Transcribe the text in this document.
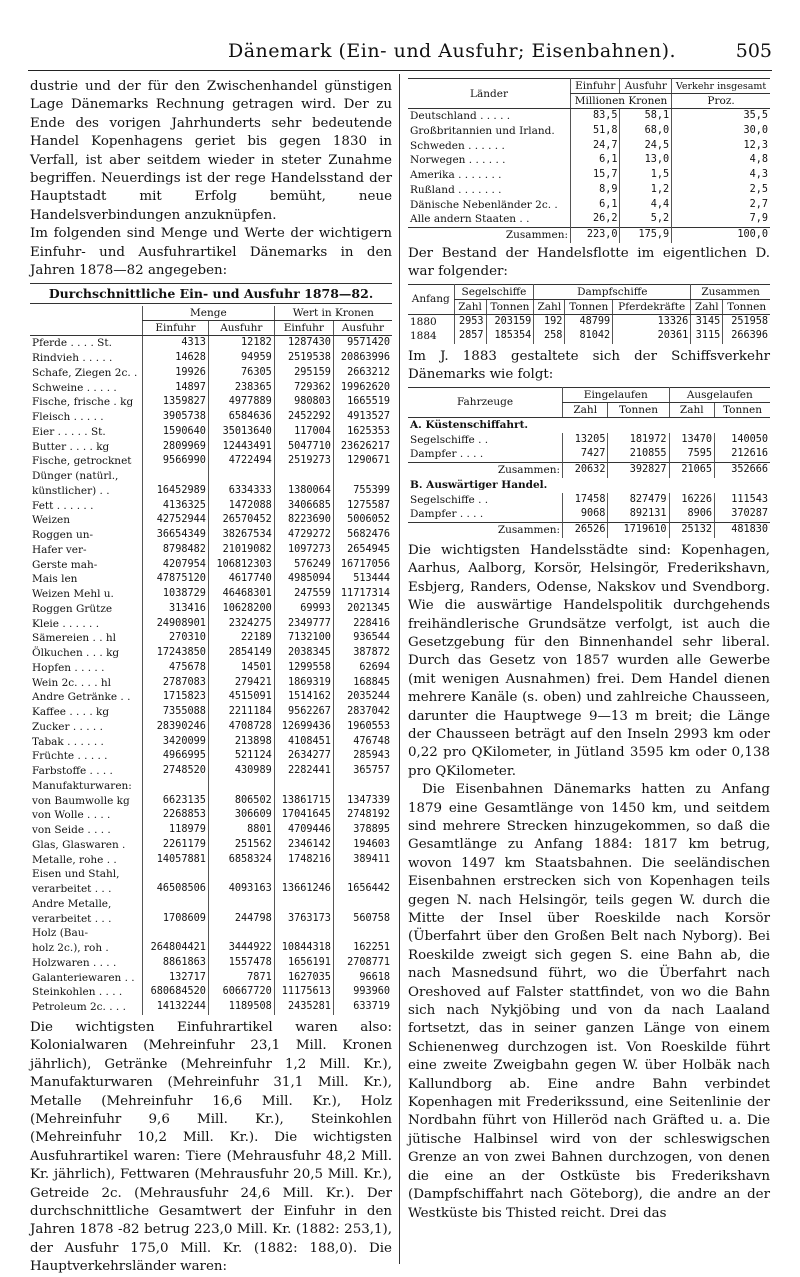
Dänemark (Ein- und Ausfuhr; Eisenbahnen).	505

dustrie und der für den Zwischenhandel günstigen Lage Dänemarks Rechnung getragen wird. Der zu Ende des vorigen Jahrhunderts sehr bedeutende Handel Kopenhagens geriet bis gegen 1830 in Verfall, ist aber seitdem wieder in steter Zunahme begriffen. Neuerdings ist der rege Handelsstand der Hauptstadt mit Erfolg bemüht, neue Handelsverbindungen anzuknüpfen.

Im folgenden sind Menge und Werte der wichtigern Einfuhr- und Ausfuhrartikel Dänemarks in den Jahren 1878—82 angegeben:

Durchschnittliche Ein- und Ausfuhr 1878—82.
	Menge		Wert in Kronen	
	Einfuhr	Ausfuhr	Einfuhr	Ausfuhr
Pferde . . . . St.	4313	12182	1287430	9571420
Rindvieh . . . . .	14628	94959	2519538	20863996
Schafe, Ziegen 2c. .	19926	76305	295159	2663212
Schweine . . . . .	14897	238365	729362	19962620
Fische, frische . kg	1359827	4977889	980803	1665519
Fleisch . . . . .	3905738	6584636	2452292	4913527
Eier . . . . . St.	1590640	35013640	117004	1625353
Butter . . . . kg	2809969	12443491	5047710	23626217
Fische, getrocknet	9566990	4722494	2519273	1290671
Dünger (natürl.,				
künstlicher) . .	16452989	6334333	1380064	755399
Fett . . . . . .	4136325	1472088	3406685	1275587
Weizen	42752944	26570452	8223690	5006052
Roggen un-	36654349	38267534	4729272	5682476
Hafer ver-	8798482	21019082	1097273	2654945
Gerste mah-	4207954	106812303	576249	16717056
Mais len	47875120	4617740	4985094	513444
Weizen Mehl u.	1038729	46468301	247559	11717314
Roggen Grütze	313416	10628200	69993	2021345
Kleie . . . . . .	24908901	2324275	2349777	228416
Sämereien . . hl	270310	22189	7132100	936544
Ölkuchen . . . kg	17243850	2854149	2038345	387872
Hopfen . . . . .	475678	14501	1299558	62694
Wein 2c. . . . hl	2787083	279421	1869319	168845
Andre Getränke . .	1715823	4515091	1514162	2035244
Kaffee . . . . kg	7355088	2211184	9562267	2837042
Zucker . . . . .	28390246	4708728	12699436	1960553
Tabak . . . . . .	3420099	213898	4108451	476748
Früchte . . . . .	4966995	521124	2634277	285943
Farbstoffe . . . .	2748520	430989	2282441	365757
Manufakturwaren:				
von Baumwolle kg	6623135	806502	13861715	1347339
von Wolle . . . .	2268853	306609	17041645	2748192
von Seide . . . .	118979	8801	4709446	378895
Glas, Glaswaren .	2261179	251562	2346142	194603
Metalle, rohe . .	14057881	6858324	1748216	389411
Eisen und Stahl,				
verarbeitet . . .	46508506	4093163	13661246	1656442
Andre Metalle,				
verarbeitet . . .	1708609	244798	3763173	560758
Holz (Bau-				
holz 2c.), roh .	264804421	3444922	10844318	162251
Holzwaren . . . .	8861863	1557478	1656191	2708771
Galanteriewaren . .	132717	7871	1627035	96618
Steinkohlen . . . .	680684520	60667720	11175613	993960
Petroleum 2c. . . .	14132244	1189508	2435281	633719

Die wichtigsten Einfuhrartikel waren also: Kolonialwaren (Mehreinfuhr 23,1 Mill. Kronen jährlich), Getränke (Mehreinfuhr 1,2 Mill. Kr.), Manufakturwaren (Mehreinfuhr 31,1 Mill. Kr.), Metalle (Mehreinfuhr 16,6 Mill. Kr.), Holz (Mehreinfuhr 9,6 Mill. Kr.), Steinkohlen (Mehreinfuhr 10,2 Mill. Kr.). Die wichtigsten Ausfuhrartikel waren: Tiere (Mehrausfuhr 48,2 Mill. Kr. jährlich), Fettwaren (Mehrausfuhr 20,5 Mill. Kr.), Getreide 2c. (Mehrausfuhr 24,6 Mill. Kr.). Der durchschnittliche Gesamtwert der Einfuhr in den Jahren 1878 -82 betrug 223,0 Mill. Kr. (1882: 253,1), der Ausfuhr 175,0 Mill. Kr. (1882: 188,0). Die Hauptverkehrsländer waren:

Länder	Einfuhr	Ausfuhr	Verkehr insgesamt
	Millionen Kronen		Proz.
Deutschland . . . . .	83,5	58,1	35,5
Großbritannien und Irland.	51,8	68,0	30,0
Schweden . . . . . .	24,7	24,5	12,3
Norwegen . . . . . .	6,1	13,0	4,8
Amerika . . . . . . .	15,7	1,5	4,3
Rußland . . . . . . .	8,9	1,2	2,5
Dänische Nebenländer 2c. .	6,1	4,4	2,7
Alle andern Staaten . .	26,2	5,2	7,9
Zusammen:	223,0	175,9	100,0

Der Bestand der Handelsflotte im eigentlichen D. war folgender:

Anfang	Segelschiffe		Dampfschiffe			Zusammen	
	Zahl	Tonnen	Zahl	Tonnen	Pferdekräfte	Zahl	Tonnen
1880	2953	203159	192	48799	13326	3145	251958
1884	2857	185354	258	81042	20361	3115	266396

Im J. 1883 gestaltete sich der Schiffsverkehr Dänemarks wie folgt:

Fahrzeuge	Eingelaufen		Ausgelaufen	
	Zahl	Tonnen	Zahl	Tonnen
A. Küstenschiffahrt.				
Segelschiffe . .	13205	181972	13470	140050
Dampfer . . . .	7427	210855	7595	212616
Zusammen:	20632	392827	21065	352666
B. Auswärtiger Handel.				
Segelschiffe . .	17458	827479	16226	111543
Dampfer . . . .	9068	892131	8906	370287
Zusammen:	26526	1719610	25132	481830

Die wichtigsten Handelsstädte sind: Kopenhagen, Aarhus, Aalborg, Korsör, Helsingör, Frederikshavn, Esbjerg, Randers, Odense, Nakskov und Svendborg. Wie die auswärtige Handelspolitik durchgehends freihändlerische Grundsätze verfolgt, ist auch die Gesetzgebung für den Binnenhandel sehr liberal. Durch das Gesetz von 1857 wurden alle Gewerbe (mit wenigen Ausnahmen) frei. Dem Handel dienen mehrere Kanäle (s. oben) und zahlreiche Chausseen, darunter die Hauptwege 9—13 m breit; die Länge der Chausseen beträgt auf den Inseln 2993 km oder 0,22 pro QKilometer, in Jütland 3595 km oder 0,138 pro QKilometer.

Die Eisenbahnen Dänemarks hatten zu Anfang 1879 eine Gesamtlänge von 1450 km, und seitdem sind mehrere Strecken hinzugekommen, so daß die Gesamtlänge zu Anfang 1884: 1817 km betrug, wovon 1497 km Staatsbahnen. Die seeländischen Eisenbahnen erstrecken sich von Kopenhagen teils gegen N. nach Helsingör, teils gegen W. durch die Mitte der Insel über Roeskilde nach Korsör (Überfahrt über den Großen Belt nach Nyborg). Bei Roeskilde zweigt sich gegen S. eine Bahn ab, die nach Masnedsund führt, wo die Überfahrt nach Oreshoved auf Falster stattfindet, von wo die Bahn sich nach Nykjöbing und von da nach Laaland fortsetzt, das in seiner ganzen Länge von einem Schienenweg durchzogen ist. Von Roeskilde führt eine zweite Zweigbahn gegen W. über Holbäk nach Kallundborg ab. Eine andre Bahn verbindet Kopenhagen mit Frederikssund, eine Seitenlinie der Nordbahn führt von Hilleröd nach Gräfted u. a. Die jütische Halbinsel wird von der schleswigschen Grenze an von zwei Bahnen durchzogen, von denen die eine an der Ostküste bis Frederikshavn (Dampfschiffahrt nach Göteborg), die andre an der Westküste bis Thisted reicht. Drei das
